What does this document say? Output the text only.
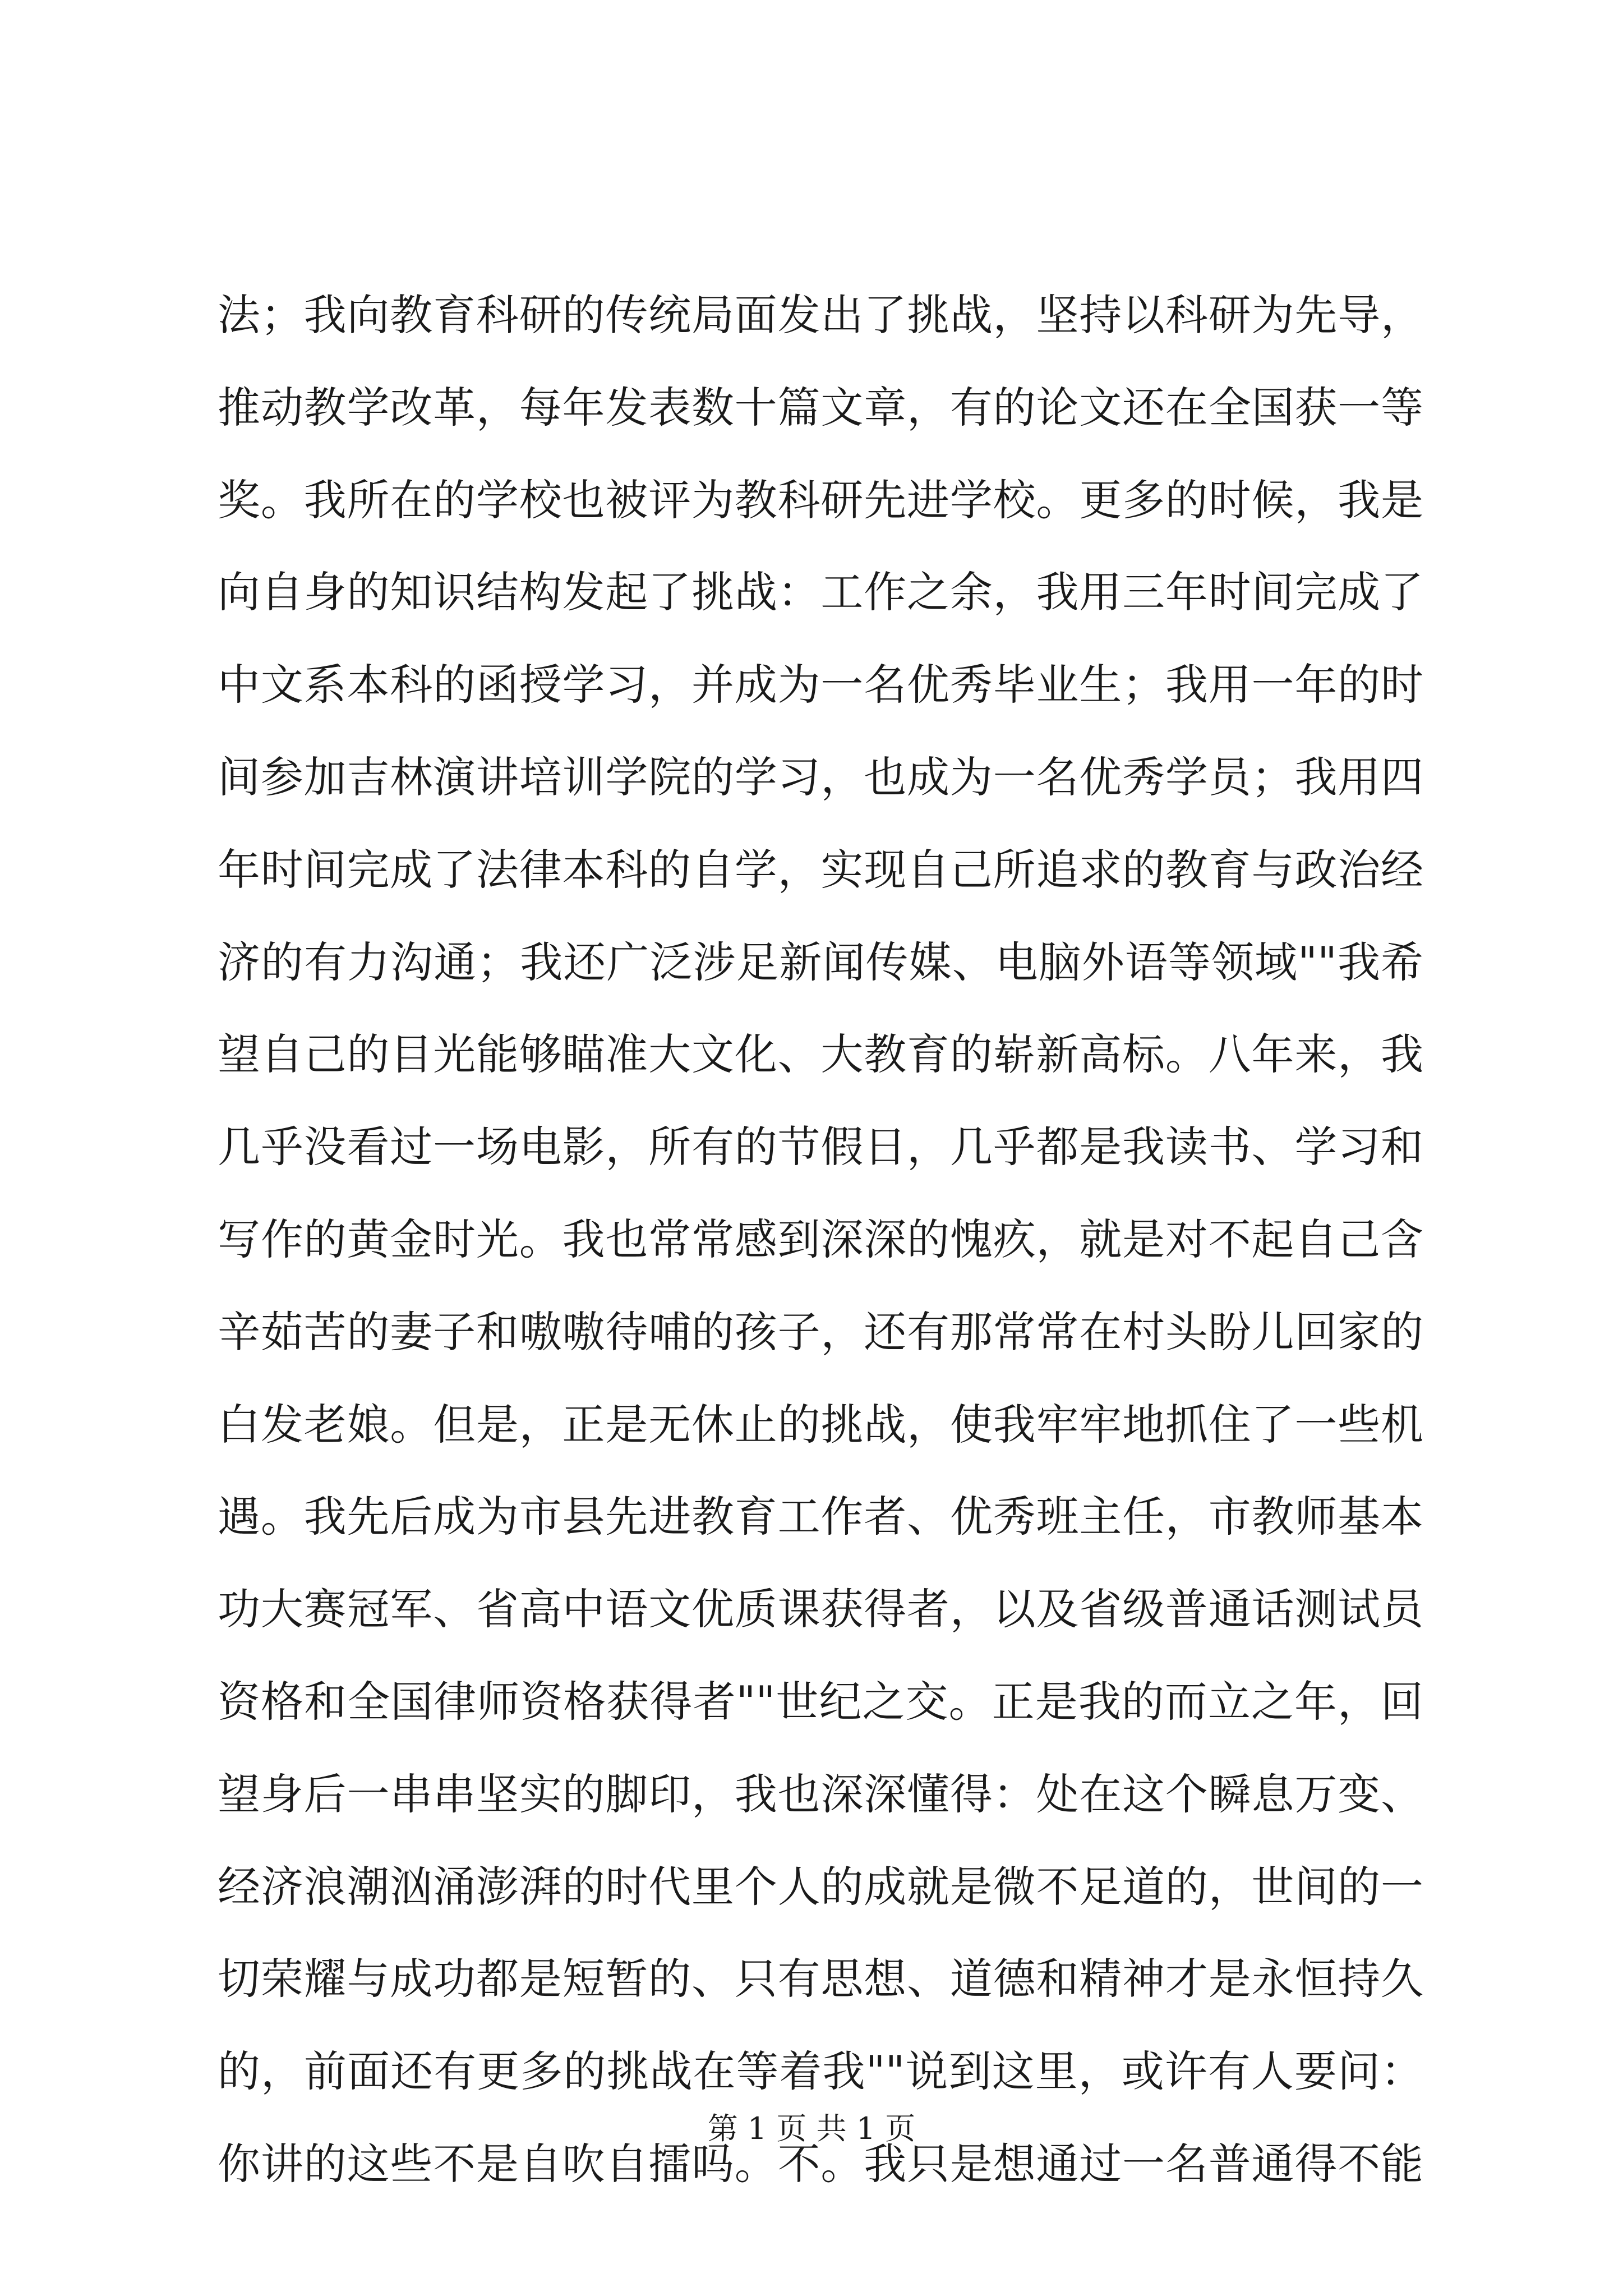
法；我向教育科研的传统局面发出了挑战，坚持以科研为先导，
推动教学改革，每年发表数十篇文章，有的论文还在全国获一等
奖。我所在的学校也被评为教科研先进学校。更多的时候，我是
向自身的知识结构发起了挑战：工作之余，我用三年时间完成了
中文系本科的函授学习，并成为一名优秀毕业生；我用一年的时
间参加吉林演讲培训学院的学习，也成为一名优秀学员；我用四
年时间完成了法律本科的自学，实现自己所追求的教育与政治经
济的有力沟通；我还广泛涉足新闻传媒、电脑外语等领域""我希
望自己的目光能够瞄准大文化、大教育的崭新高标。八年来，我
几乎没看过一场电影，所有的节假日，几乎都是我读书、学习和
写作的黄金时光。我也常常感到深深的愧疚，就是对不起自己含
辛茹苦的妻子和嗷嗷待哺的孩子，还有那常常在村头盼儿回家的
白发老娘。但是，正是无休止的挑战，使我牢牢地抓住了一些机
遇。我先后成为市县先进教育工作者、优秀班主任，市教师基本
功大赛冠军、省高中语文优质课获得者，以及省级普通话测试员
资格和全国律师资格获得者""世纪之交。正是我的而立之年，回
望身后一串串坚实的脚印，我也深深懂得：处在这个瞬息万变、
经济浪潮汹涌澎湃的时代里个人的成就是微不足道的，世间的一
切荣耀与成功都是短暂的、只有思想、道德和精神才是永恒持久
的，前面还有更多的挑战在等着我""说到这里，或许有人要问：
你讲的这些不是自吹自擂吗。不。我只是想通过一名普通得不能
第 1 页 共 1 页
